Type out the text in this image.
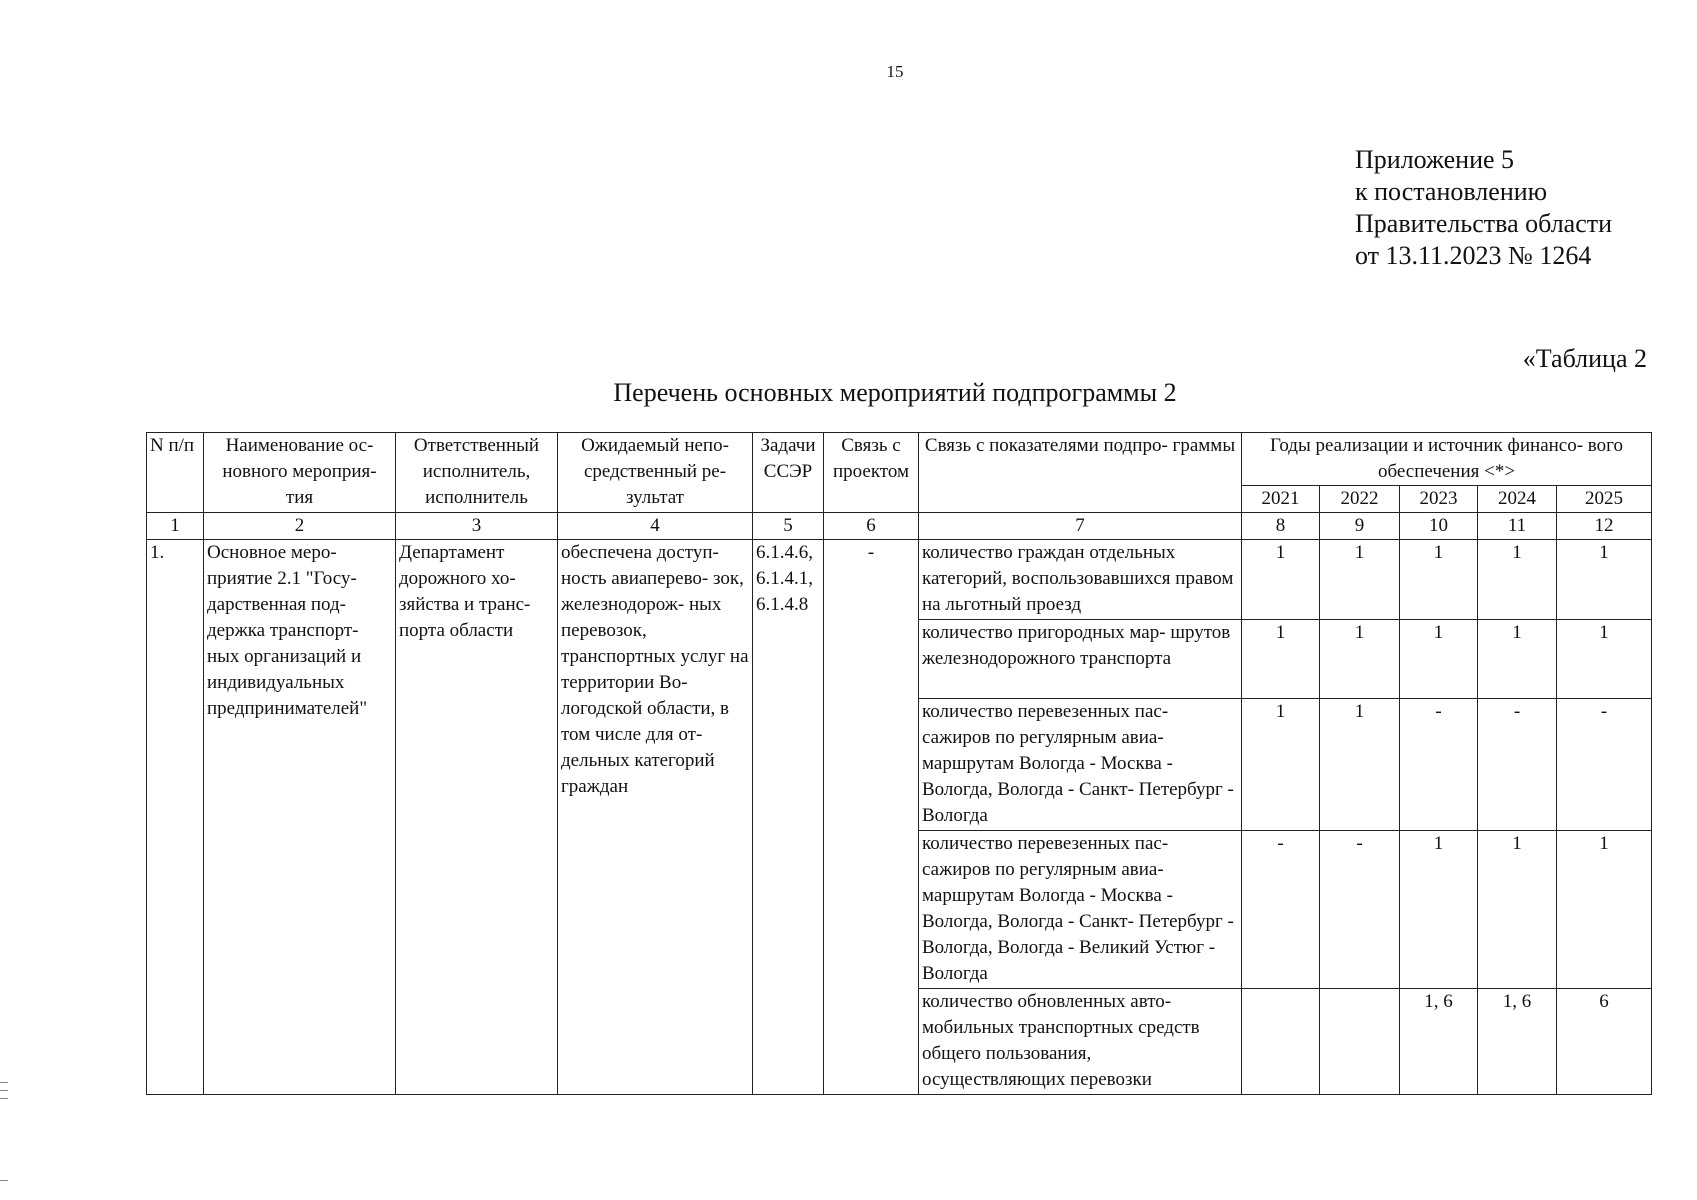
15
Приложение 5
к постановлению
Правительства области
от 13.11.2023 № 1264
«Таблица 2
Перечень основных мероприятий подпрограммы 2
N п/п	Наименование ос- новного мероприя- тия	Ответственный исполнитель, исполнитель	Ожидаемый непо- средственный ре- зультат	Задачи ССЭР	Связь с проектом	Связь с показателями подпро- граммы	Годы реализации и источник финансо- вого обеспечения <*>				
							2021	2022	2023	2024	2025
1	2	3	4	5	6	7	8	9	10	11	12
1.	Основное меро- приятие 2.1 "Госу- дарственная под- держка транспорт- ных организаций и индивидуальных предпринимателей"	Департамент дорожного хо- зяйства и транс- порта области	обеспечена доступ- ность авиаперево- зок, железнодорож- ных перевозок, транспортных услуг на территории Во- логодской области, в том числе для от- дельных категорий граждан	6.1.4.6, 6.1.4.1, 6.1.4.8	-	количество граждан отдельных категорий, воспользовавшихся правом на льготный проезд	1	1	1	1	1
						количество пригородных мар- шрутов железнодорожного транспорта	1	1	1	1	1
						количество перевезенных пас- сажиров по регулярным авиа- маршрутам Вологда - Москва - Вологда, Вологда - Санкт- Петербург - Вологда	1	1	-	-	-
						количество перевезенных пас- сажиров по регулярным авиа- маршрутам Вологда - Москва - Вологда, Вологда - Санкт- Петербург - Вологда, Вологда - Великий Устюг - Вологда	-	-	1	1	1
						количество обновленных авто- мобильных транспортных средств общего пользования, осуществляющих перевозки			1, 6	1, 6	6
